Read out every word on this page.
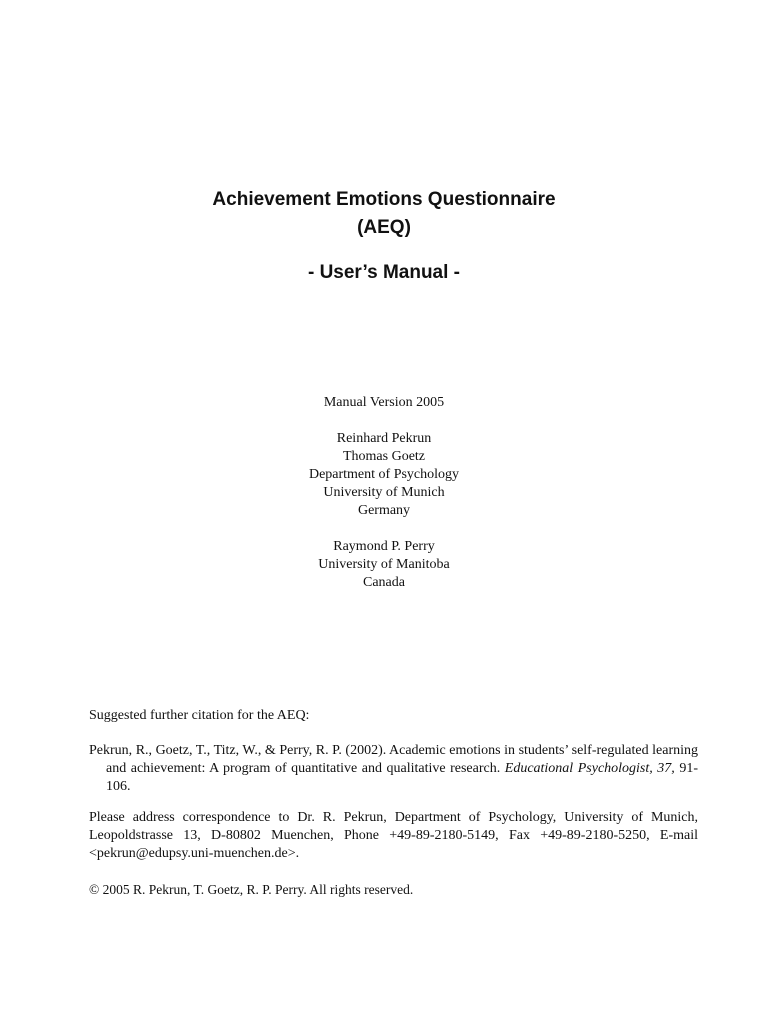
Achievement Emotions Questionnaire
(AEQ)
- User’s Manual -
Manual Version 2005
Reinhard Pekrun
Thomas Goetz
Department of Psychology
University of Munich
Germany
Raymond P. Perry
University of Manitoba
Canada

Suggested further citation for the AEQ:

Pekrun, R., Goetz, T., Titz, W., & Perry, R. P. (2002). Academic emotions in students’ self-regulated learning and achievement: A program of quantitative and qualitative research. Educational Psychologist, 37, 91-106.

Please address correspondence to Dr. R. Pekrun, Department of Psychology, University of Munich, Leopoldstrasse 13, D-80802 Muenchen, Phone +49-89-2180-5149, Fax +49-89-2180-5250, E-mail <pekrun@edupsy.uni-muenchen.de>.

© 2005 R. Pekrun, T. Goetz, R. P. Perry. All rights reserved.
